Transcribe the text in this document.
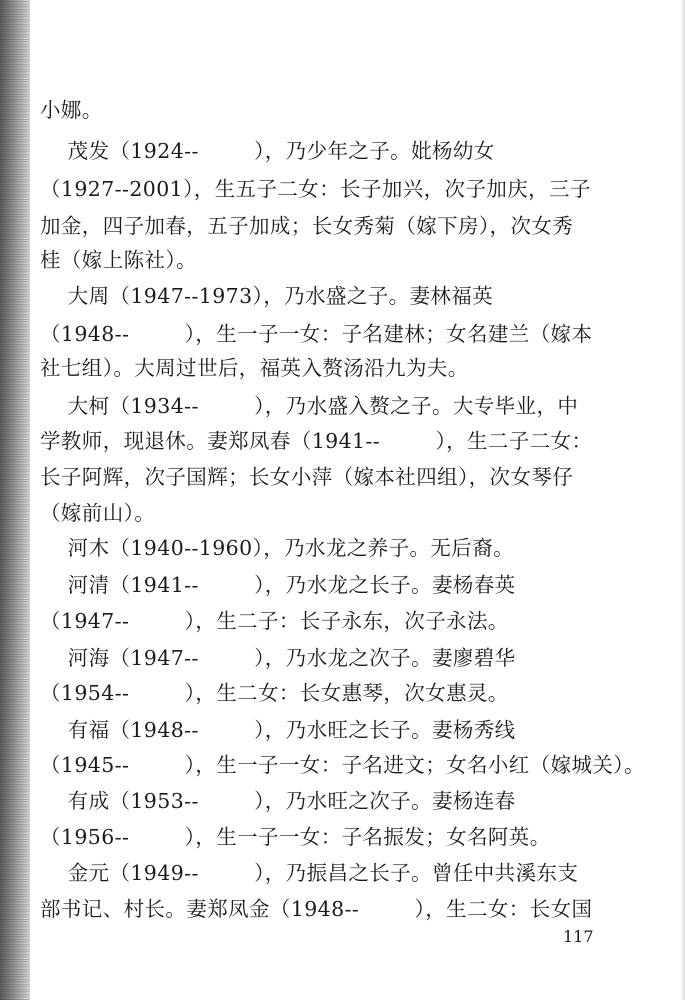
小娜。
茂发（1924--        ），乃少年之子。妣杨幼女
（1927--2001），生五子二女：长子加兴，次子加庆，三子
加金，四子加春，五子加成；长女秀菊（嫁下房），次女秀
桂（嫁上陈社）。
大周（1947--1973），乃水盛之子。妻林福英
（1948--        ），生一子一女：子名建林；女名建兰（嫁本
社七组）。大周过世后，福英入赘汤沿九为夫。
大柯（1934--        ），乃水盛入赘之子。大专毕业，中
学教师，现退休。妻郑凤春（1941--        ），生二子二女：
长子阿辉，次子国辉；长女小萍（嫁本社四组），次女琴仔
（嫁前山）。
河木（1940--1960），乃水龙之养子。无后裔。
河清（1941--        ），乃水龙之长子。妻杨春英
（1947--        ），生二子：长子永东，次子永法。
河海（1947--        ），乃水龙之次子。妻廖碧华
（1954--        ），生二女：长女惠琴，次女惠灵。
有福（1948--        ），乃水旺之长子。妻杨秀线
（1945--        ），生一子一女：子名进文；女名小红（嫁城关）。
有成（1953--        ），乃水旺之次子。妻杨连春
（1956--        ），生一子一女：子名振发；女名阿英。
金元（1949--        ），乃振昌之长子。曾任中共溪东支
部书记、村长。妻郑凤金（1948--        ），生二女：长女国
117
